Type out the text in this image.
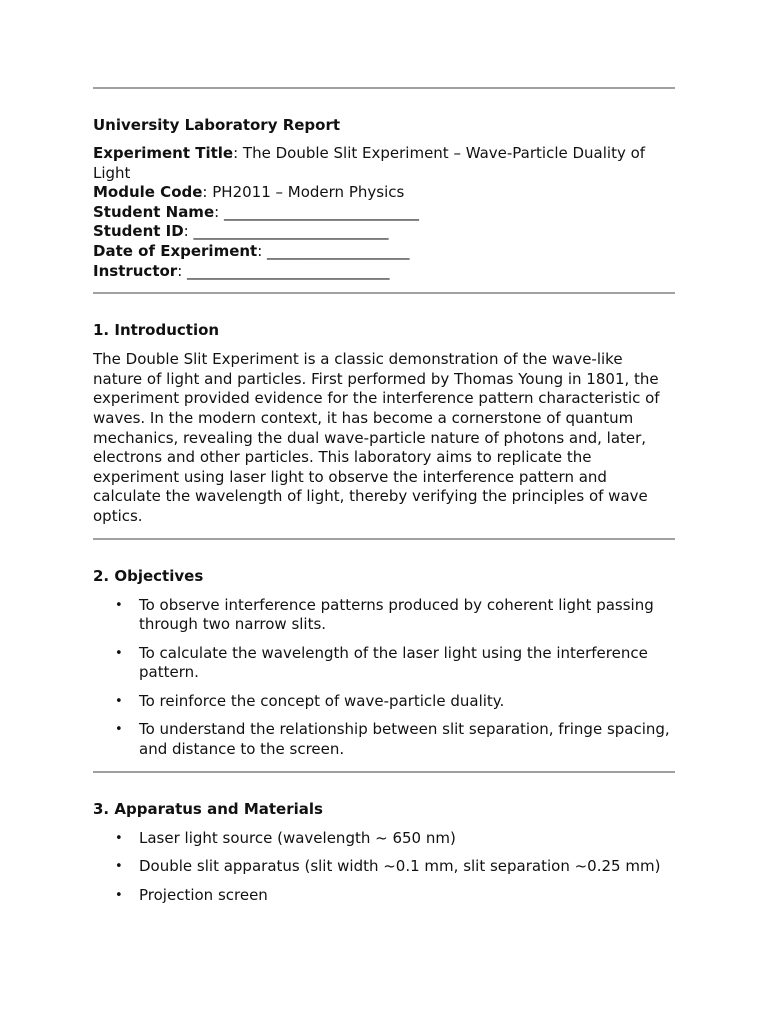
University Laboratory Report
Experiment Title: The Double Slit Experiment – Wave-Particle Duality of Light
Module Code: PH2011 – Modern Physics
Student Name: __________________________
Student ID: __________________________
Date of Experiment: ___________________
Instructor: ___________________________
1. Introduction

The Double Slit Experiment is a classic demonstration of the wave-like nature of light and particles. First performed by Thomas Young in 1801, the experiment provided evidence for the interference pattern characteristic of waves. In the modern context, it has become a cornerstone of quantum mechanics, revealing the dual wave-particle nature of photons and, later, electrons and other particles. This laboratory aims to replicate the experiment using laser light to observe the interference pattern and calculate the wavelength of light, thereby verifying the principles of wave optics.

2. Objectives
• To observe interference patterns produced by coherent light passing through two narrow slits.
• To calculate the wavelength of the laser light using the interference pattern.
• To reinforce the concept of wave-particle duality.
• To understand the relationship between slit separation, fringe spacing, and distance to the screen.
3. Apparatus and Materials
• Laser light source (wavelength ~ 650 nm)
• Double slit apparatus (slit width ~0.1 mm, slit separation ~0.25 mm)
• Projection screen
